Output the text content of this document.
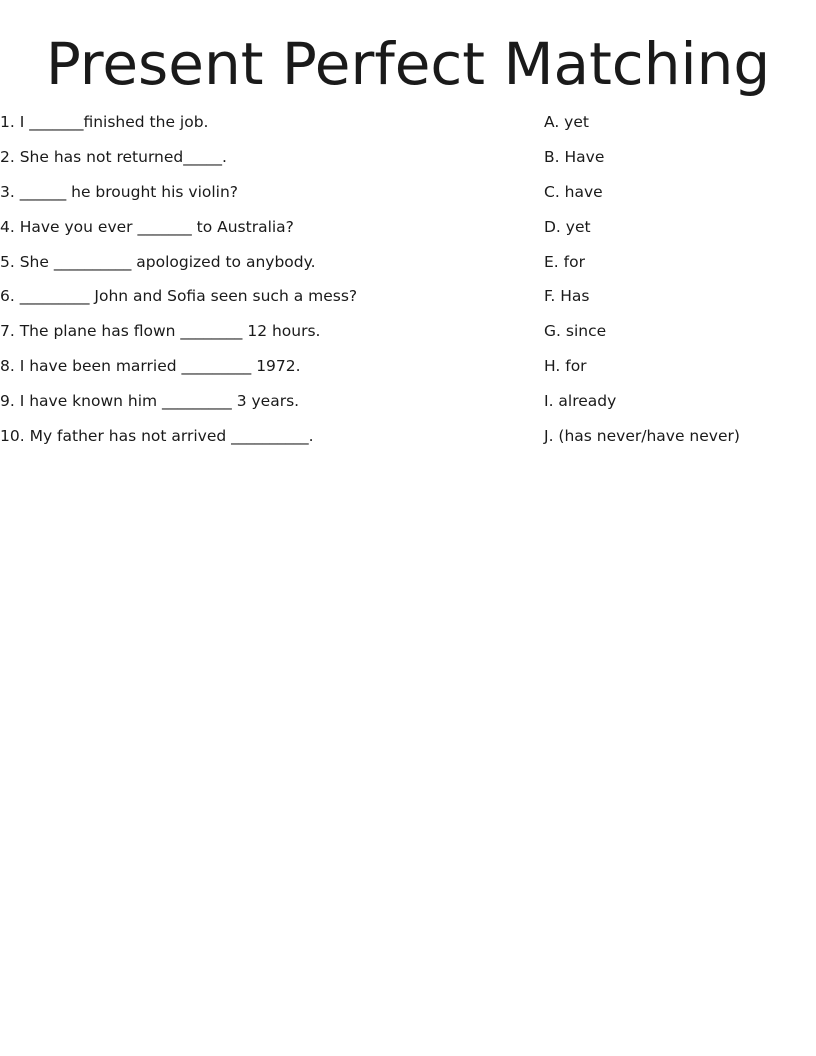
Present Perfect Matching
1. I _______finished the job.
2. She has not returned_____.
3. ______ he brought his violin?
4. Have you ever _______ to Australia?
5. She __________ apologized to anybody.
6. _________ John and Sofia seen such a mess?
7. The plane has flown ________ 12 hours.
8. I have been married _________ 1972.
9. I have known him _________ 3 years.
10. My father has not arrived __________.
A. yet
B. Have
C. have
D. yet
E. for
F. Has
G. since
H. for
I. already
J. (has never/have never)
